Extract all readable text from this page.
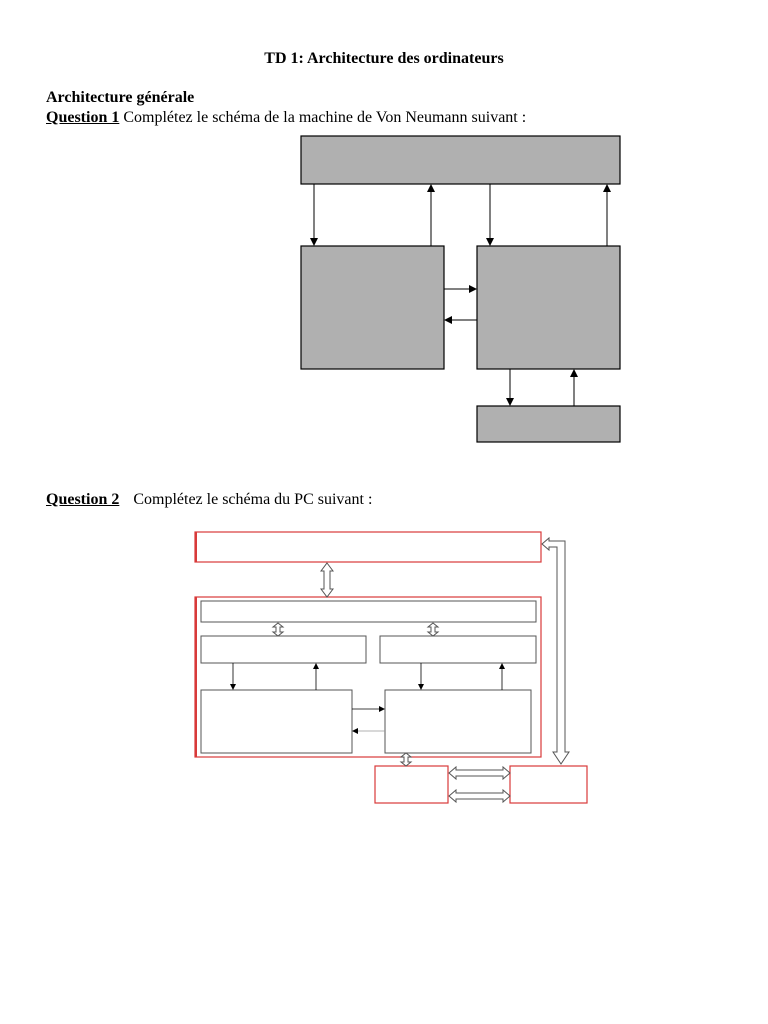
TD 1: Architecture des ordinateurs
Architecture générale
Question 1 Complétez le schéma de la machine de Von Neumann suivant :
Question 2 Complétez le schéma du PC suivant :
